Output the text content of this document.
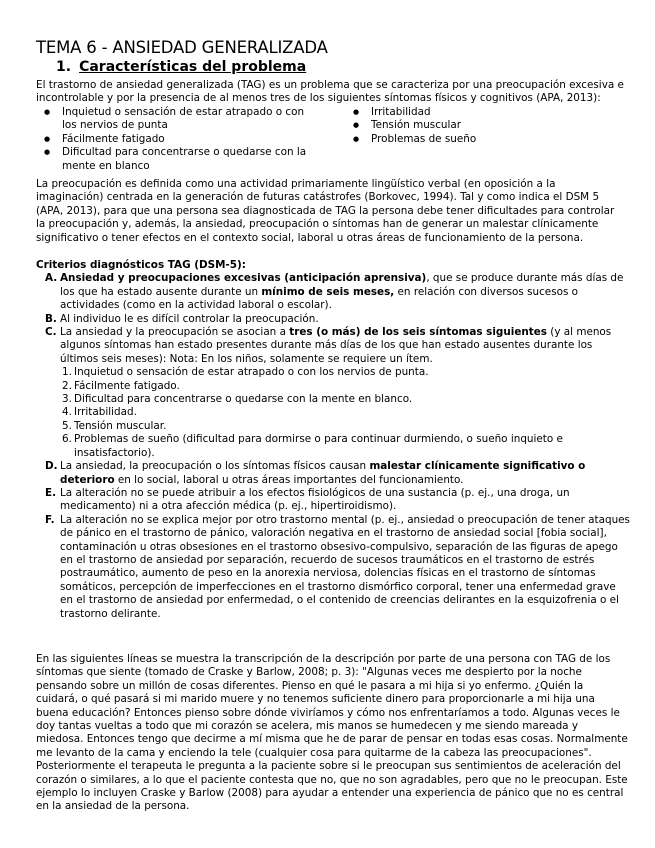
TEMA 6 - ANSIEDAD GENERALIZADA
1. Características del problema

El trastorno de ansiedad generalizada (TAG) es un problema que se caracteriza por una preocupación excesiva e incontrolable y por la presencia de al menos tres de los siguientes síntomas físicos y cognitivos (APA, 2013):

● Inquietud o sensación de estar atrapado o con los nervios de punta
● Fácilmente fatigado
● Dificultad para concentrarse o quedarse con la mente en blanco
● Irritabilidad
● Tensión muscular
● Problemas de sueño

La preocupación es definida como una actividad primariamente lingüístico verbal (en oposición a la imaginación) centrada en la generación de futuras catástrofes (Borkovec, 1994). Tal y como indica el DSM 5 (APA, 2013), para que una persona sea diagnosticada de TAG la persona debe tener dificultades para controlar la preocupación y, además, la ansiedad, preocupación o síntomas han de generar un malestar clínicamente significativo o tener efectos en el contexto social, laboral u otras áreas de funcionamiento de la persona.

Criterios diagnósticos TAG (DSM-5):
A. Ansiedad y preocupaciones excesivas (anticipación aprensiva), que se produce durante más días de los que ha estado ausente durante un mínimo de seis meses, en relación con diversos sucesos o actividades (como en la actividad laboral o escolar).
B. Al individuo le es difícil controlar la preocupación.
C. La ansiedad y la preocupación se asocian a tres (o más) de los seis síntomas siguientes (y al menos algunos síntomas han estado presentes durante más días de los que han estado ausentes durante los últimos seis meses): Nota: En los niños, solamente se requiere un ítem.
1. Inquietud o sensación de estar atrapado o con los nervios de punta.
2. Fácilmente fatigado.
3. Dificultad para concentrarse o quedarse con la mente en blanco.
4. Irritabilidad.
5. Tensión muscular.
6. Problemas de sueño (dificultad para dormirse o para continuar durmiendo, o sueño inquieto e insatisfactorio).
D. La ansiedad, la preocupación o los síntomas físicos causan malestar clínicamente significativo o deterioro en lo social, laboral u otras áreas importantes del funcionamiento.
E. La alteración no se puede atribuir a los efectos fisiológicos de una sustancia (p. ej., una droga, un medicamento) ni a otra afección médica (p. ej., hipertiroidismo).
F. La alteración no se explica mejor por otro trastorno mental (p. ej., ansiedad o preocupación de tener ataques de pánico en el trastorno de pánico, valoración negativa en el trastorno de ansiedad social [fobia social], contaminación u otras obsesiones en el trastorno obsesivo-compulsivo, separación de las figuras de apego en el trastorno de ansiedad por separación, recuerdo de sucesos traumáticos en el trastorno de estrés postraumático, aumento de peso en la anorexia nerviosa, dolencias físicas en el trastorno de síntomas somáticos, percepción de imperfecciones en el trastorno dismórfico corporal, tener una enfermedad grave en el trastorno de ansiedad por enfermedad, o el contenido de creencias delirantes en la esquizofrenia o el trastorno delirante.

En las siguientes líneas se muestra la transcripción de la descripción por parte de una persona con TAG de los síntomas que siente (tomado de Craske y Barlow, 2008; p. 3): "Algunas veces me despierto por la noche pensando sobre un millón de cosas diferentes. Pienso en qué le pasara a mi hija si yo enfermo. ¿Quién la cuidará, o qué pasará si mi marido muere y no tenemos suficiente dinero para proporcionarle a mi hija una buena educación? Entonces pienso sobre dónde viviríamos y cómo nos enfrentaríamos a todo. Algunas veces le doy tantas vueltas a todo que mi corazón se acelera, mis manos se humedecen y me siendo mareada y miedosa. Entonces tengo que decirme a mí misma que he de parar de pensar en todas esas cosas. Normalmente me levanto de la cama y enciendo la tele (cualquier cosa para quitarme de la cabeza las preocupaciones". Posteriormente el terapeuta le pregunta a la paciente sobre si le preocupan sus sentimientos de aceleración del corazón o similares, a lo que el paciente contesta que no, que no son agradables, pero que no le preocupan. Este ejemplo lo incluyen Craske y Barlow (2008) para ayudar a entender una experiencia de pánico que no es central en la ansiedad de la persona.
